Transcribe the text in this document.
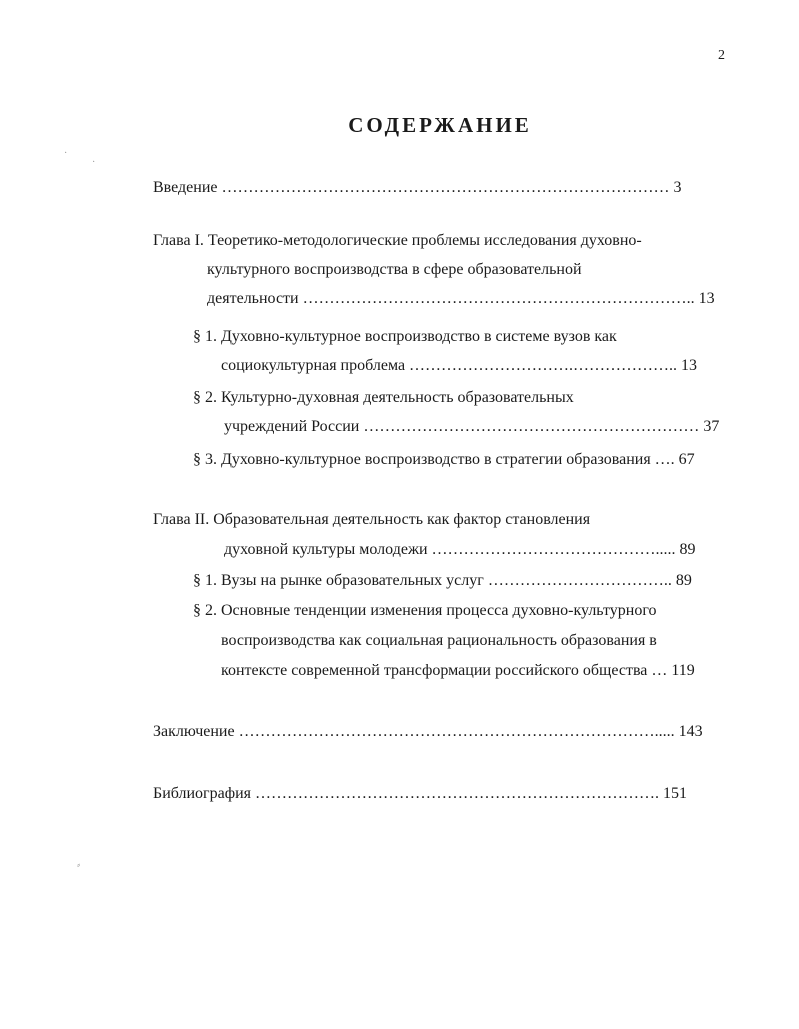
2
СОДЕРЖАНИЕ
Введение ………………………………………………………………………… 3
Глава I. Теоретико-методологические проблемы исследования духовно-
культурного воспроизводства в сфере образовательной
деятельности ……………………………………………………………….. 13
§ 1. Духовно-культурное воспроизводство в системе вузов как
социокультурная проблема ………………………….……………….. 13
§ 2. Культурно-духовная деятельность образовательных
учреждений России ……………………………………………………… 37
§ 3. Духовно-культурное воспроизводство в стратегии образования …. 67
Глава II. Образовательная деятельность как фактор становления
духовной культуры молодежи ……………………………………..... 89
§ 1. Вузы на рынке образовательных услуг …………………………….. 89
§ 2. Основные тенденции изменения процесса духовно-культурного
воспроизводства как социальная рациональность образования в
контексте современной трансформации российского общества … 119
Заключение ……………………………………………………………………..... 143
Библиография …………………………………………………………………. 151
·
·
⸗
